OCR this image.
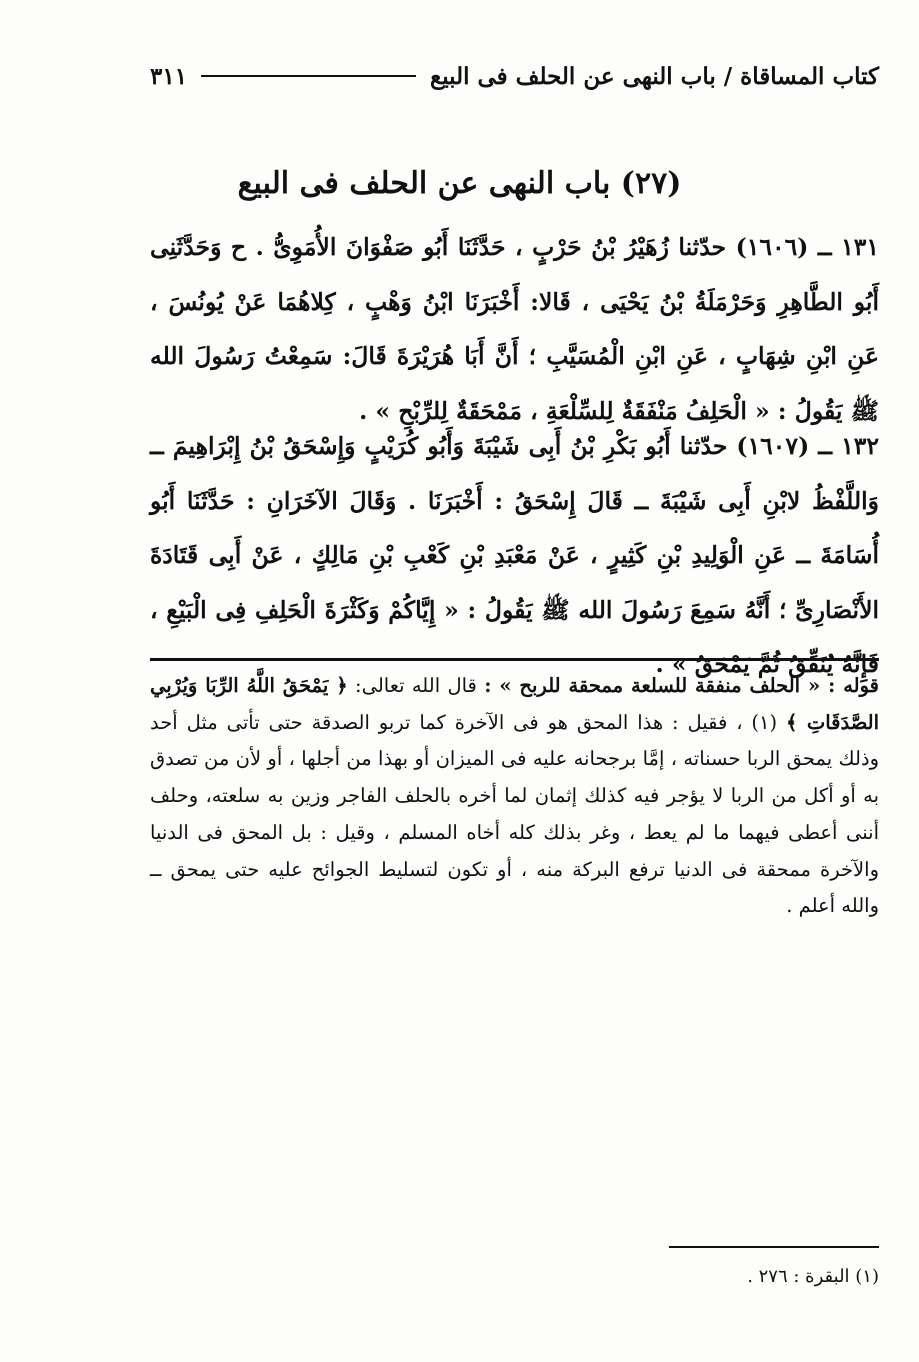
كتاب المساقاة / باب النهى عن الحلف فى البيع
٣١١
(٢٧) باب النهى عن الحلف فى البيع
١٣١ ــ (١٦٠٦) حدّثنا زُهَيْرُ بْنُ حَرْبٍ ، حَدَّثَنَا أَبُو صَفْوَانَ الأُمَوِىُّ . ح وَحَدَّثَنِى أَبُو الطَّاهِرِ وَحَرْمَلَةُ بْنُ يَحْيَى ، قَالا: أَخْبَرَنَا ابْنُ وَهْبٍ ، كِلاهُمَا عَنْ يُونُسَ ، عَنِ ابْنِ شِهَابٍ ، عَنِ ابْنِ الْمُسَيَّبِ ؛ أَنَّ أَبَا هُرَيْرَةَ قَالَ: سَمِعْتُ رَسُولَ الله ﷺ يَقُولُ : « الْحَلِفُ مَنْفَقَةٌ لِلسِّلْعَةِ ، مَمْحَقَةٌ لِلرِّبْحِ » .
١٣٢ ــ (١٦٠٧) حدّثنا أَبُو بَكْرِ بْنُ أَبِى شَيْبَةَ وَأَبُو كُرَيْبٍ وَإِسْحَقُ بْنُ إِبْرَاهِيمَ ــ وَاللَّفْظُ لابْنِ أَبِى شَيْبَةَ ــ قَالَ إِسْحَقُ : أَخْبَرَنَا . وَقَالَ الآخَرَانِ : حَدَّثَنَا أَبُو أُسَامَةَ ــ عَنِ الْوَلِيدِ بْنِ كَثِيرٍ ، عَنْ مَعْبَدِ بْنِ كَعْبِ بْنِ مَالِكٍ ، عَنْ أَبِى قَتَادَةَ الأَنْصَارِىِّ ؛ أَنَّهُ سَمِعَ رَسُولَ الله ﷺ يَقُولُ : « إِيَّاكُمْ وَكَثْرَةَ الْحَلِفِ فِى الْبَيْعِ ، فَإِنَّهُ يُنَفِّقُ ثُمَّ يَمْحَقُ » .
قوله : « الحلف منفقة للسلعة ممحقة للربح » : قال الله تعالى: ﴿ يَمْحَقُ اللَّهُ الرِّبَا وَيُرْبِي الصَّدَقَاتِ ﴾ (١) ، فقيل : هذا المحق هو فى الآخرة كما تربو الصدقة حتى تأتى مثل أحد وذلك يمحق الربا حسناته ، إمَّا برجحانه عليه فى الميزان أو بهذا من أجلها ، أو لأن من تصدق به أو أكل من الربا لا يؤجر فيه كذلك إثمان لما أخره بالحلف الفاجر وزين به سلعته، وحلف أننى أعطى فيهما ما لم يعط ، وغر بذلك كله أخاه المسلم ، وقيل : بل المحق فى الدنيا والآخرة ممحقة فى الدنيا ترفع البركة منه ، أو تكون لتسليط الجوائح عليه حتى يمحق ــ والله أعلم .
(١) البقرة : ٢٧٦ .
